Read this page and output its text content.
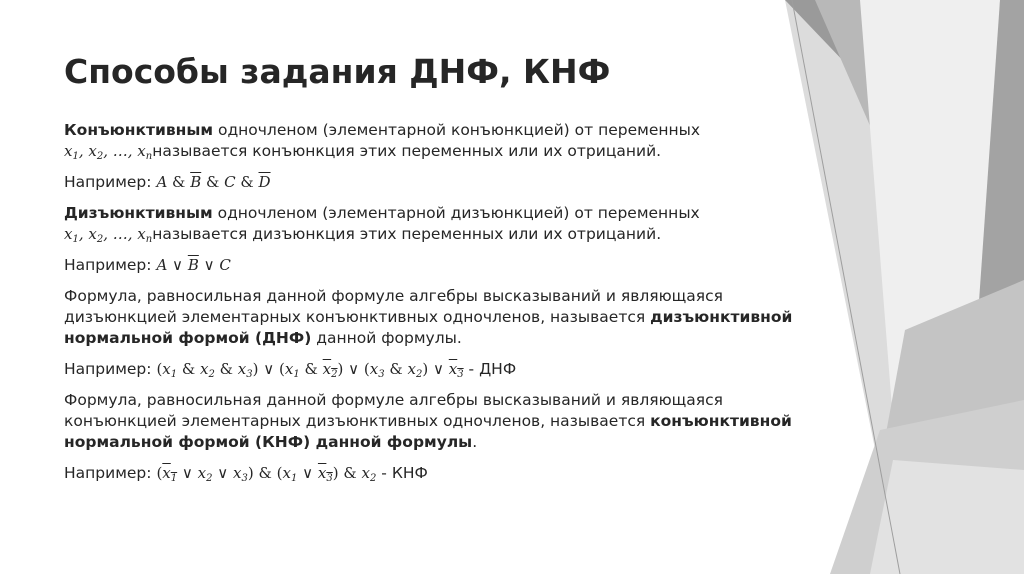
Способы задания ДНФ, КНФ
Конъюнктивным одночленом (элементарной конъюнкцией) от переменных
$x_1$, $x_2$, …, $x_nназывается$ конъюнкция этих переменных или их отрицаний.
Например: A & $\overline{B}$ & C & $\overline{D}$
Дизъюнктивным одночленом (элементарной дизъюнкцией) от переменных
$x_1$, $x_2$, …, $x_nназывается$ дизъюнкция этих переменных или их отрицаний.
Например: A ∨ $\overline{B}$ ∨ C
Формула, равносильная данной формуле алгебры высказываний и являющаяся
дизъюнкцией элементарных конъюнктивных одночленов, называется дизъюнктивной
нормальной формой (ДНФ) данной формулы.
Например: ($x_1$ & $x_2$ & $x_3$) ∨ ($x_1$ & $x_2$) ∨ ($x_3$ & $x_2$) ∨ $x_3$ - ДНФ
Формула, равносильная данной формуле алгебры высказываний и являющаяся
конъюнкцией элементарных дизъюнктивных одночленов, называется конъюнктивной
нормальной формой (КНФ) данной формулы.
Например: ($x_1$ ∨ $x_2$ ∨ $x_3$) & ($x_1$ ∨ $x_3$) & $x_2$ - КНФ
